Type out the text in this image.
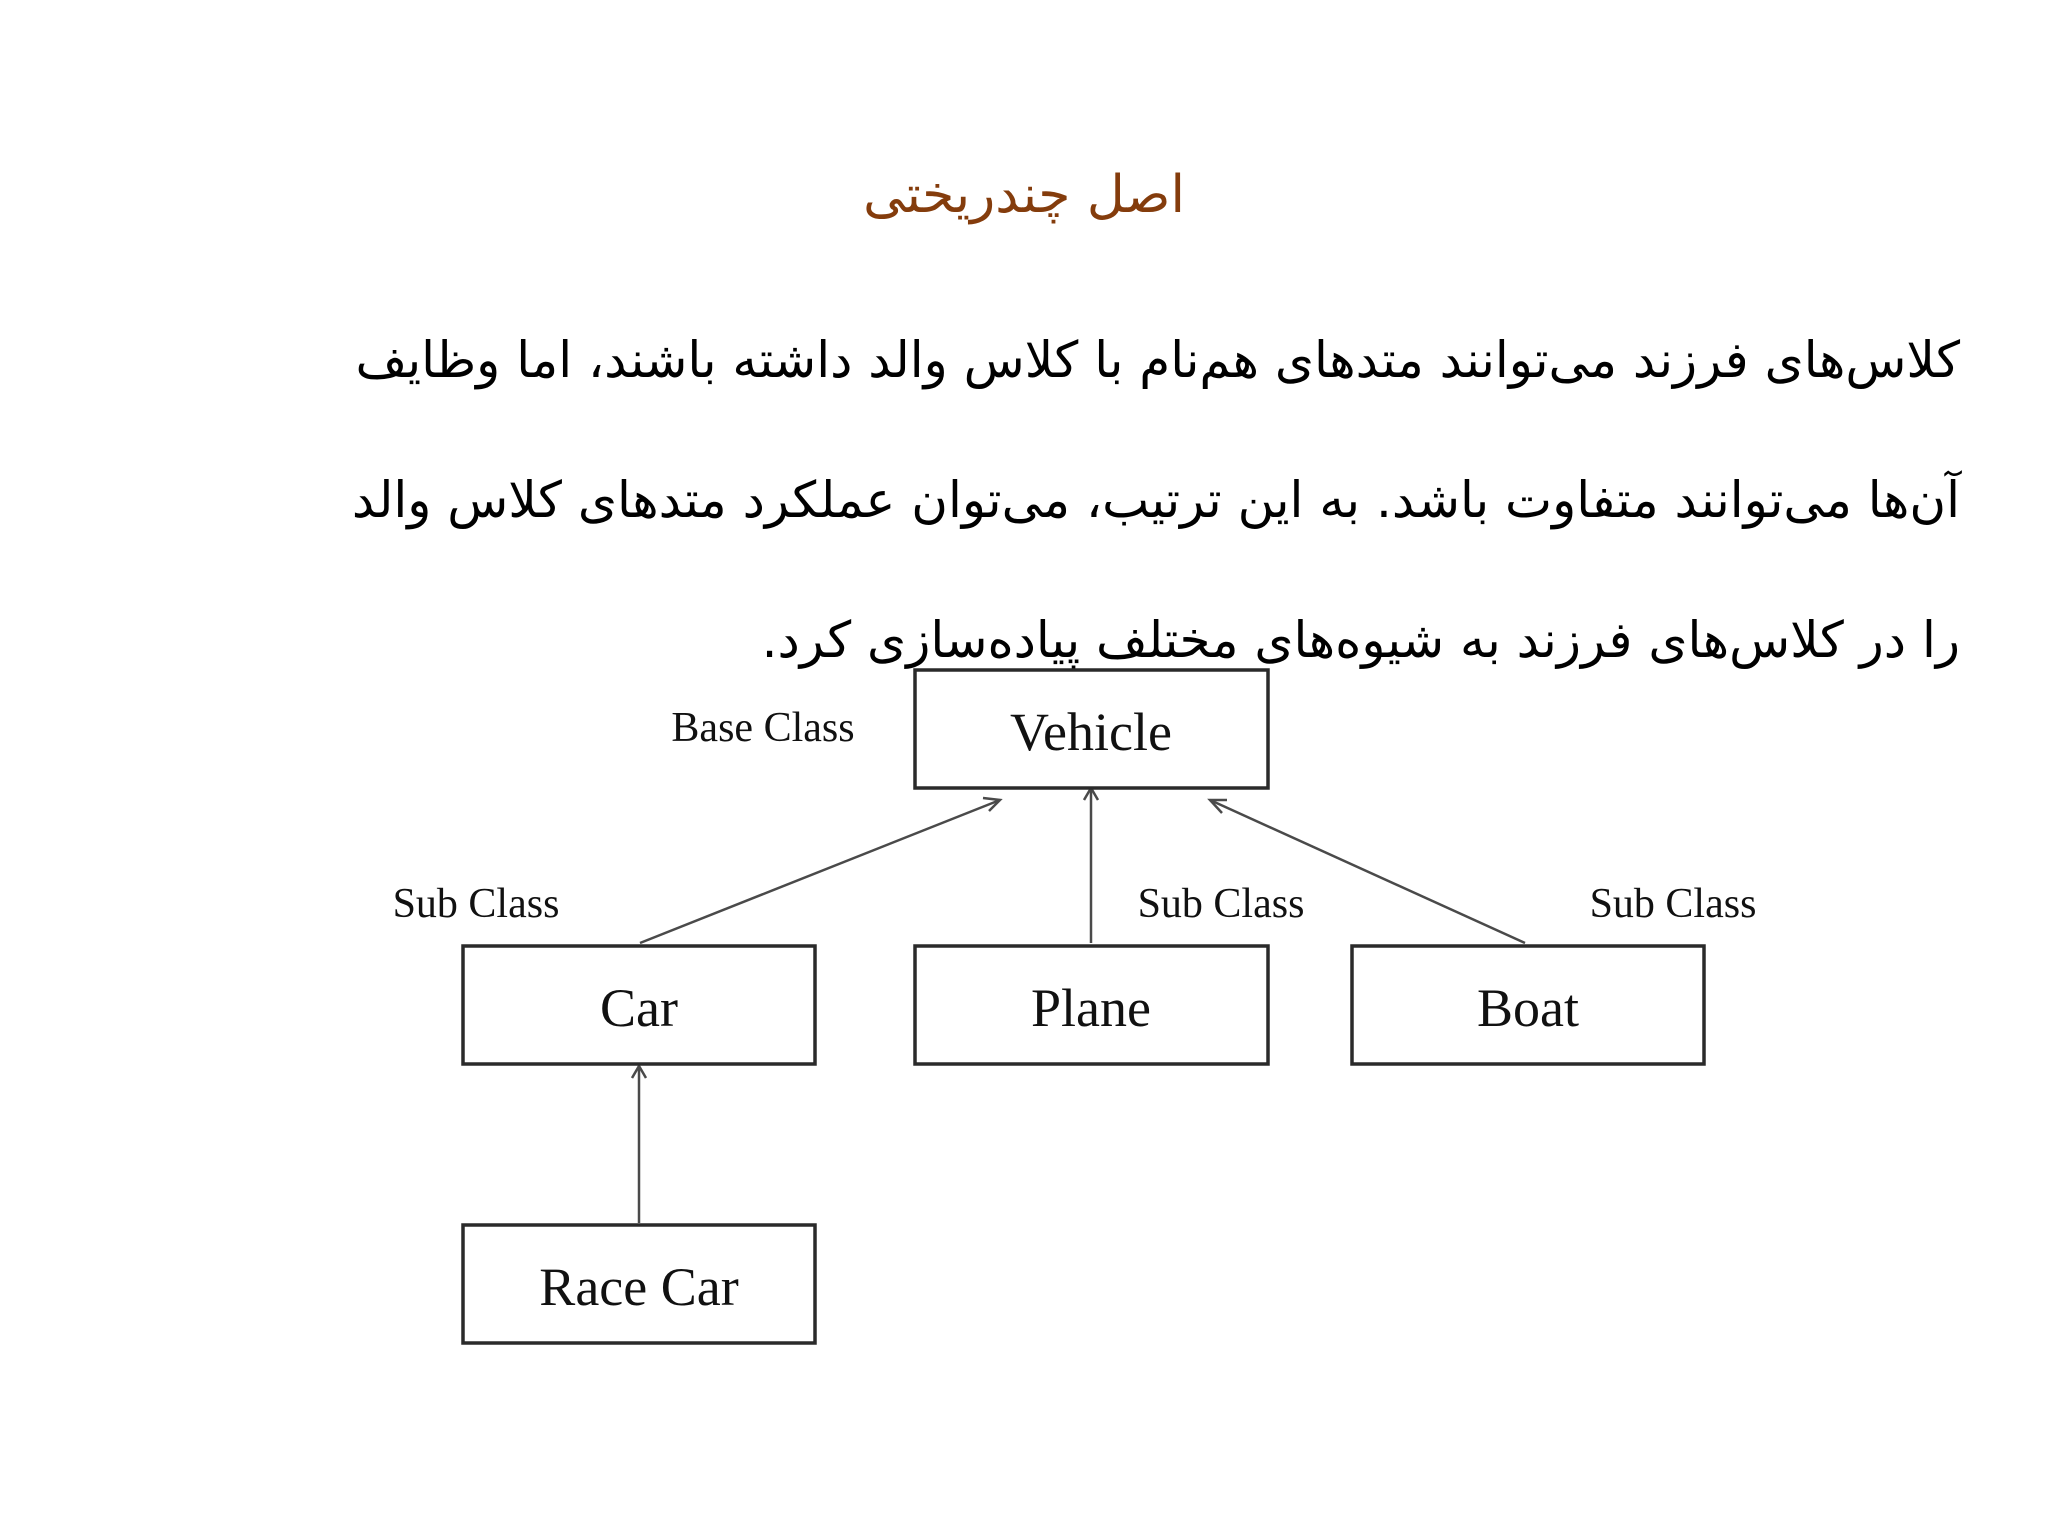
اصل چندریختی
کلاس‌های فرزند می‌توانند متدهای هم‌نام با کلاس والد داشته باشند، اما وظایف
آن‌ها می‌توانند متفاوت باشد. به این ترتیب، می‌توان عملکرد متدهای کلاس والد
را در کلاس‌های فرزند به شیوه‌های مختلف پیاده‌سازی کرد.
Vehicle
Car	Plane	Boat
Race Car
Base Class
Sub Class	Sub Class	Sub Class
